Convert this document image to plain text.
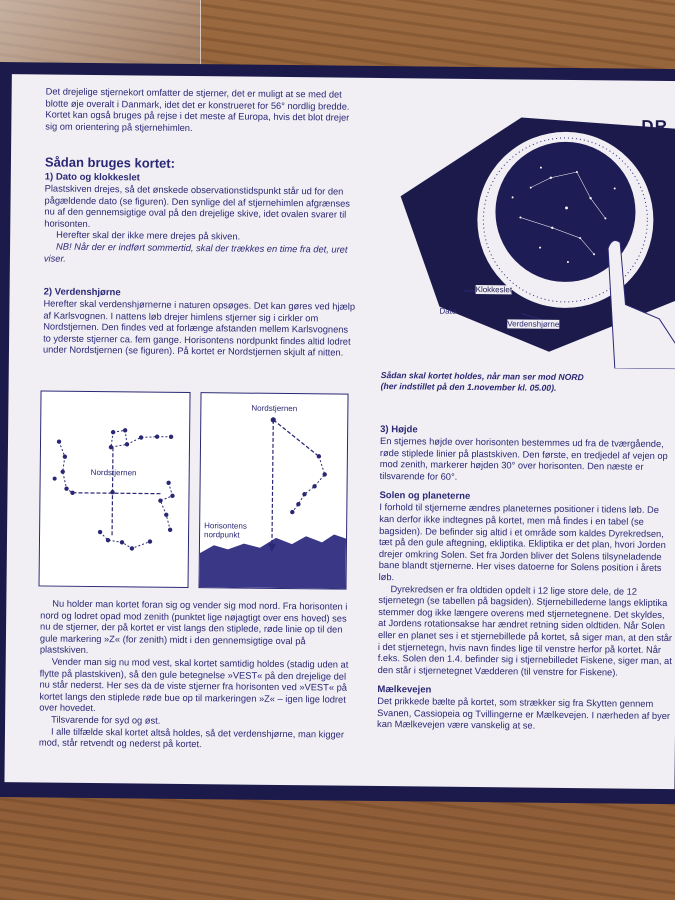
Det drejelige stjernekort omfatter de stjerner, det er muligt at se med det blotte øje overalt i Danmark, idet det er konstrueret for 56° nordlig bredde. Kortet kan også bruges på rejse i det meste af Europa, hvis det blot drejer sig om orientering på stjernehimlen.

Sådan bruges kortet:
1) Dato og klokkeslet

Plastskiven drejes, så det ønskede observationstidspunkt står ud for den pågældende dato (se figuren). Den synlige del af stjernehimlen afgrænses nu af den gennemsigtige oval på den drejelige skive, idet ovalen svarer til horisonten.

Herefter skal der ikke mere drejes på skiven.

NB! Når der er indført sommertid, skal der trækkes en time fra det, uret viser.

2) Verdenshjørne

Herefter skal verdenshjørnerne i naturen opsøges. Det kan gøres ved hjælp af Karlsvognen. I nattens løb drejer himlens stjerner sig i cirkler om Nordstjernen. Den findes ved at forlænge afstanden mellem Karlsvognens to yderste stjerner ca. fem gange. Horisontens nordpunkt findes altid lodret under Nordstjernen (se figuren). På kortet er Nordstjernen skjult af nitten.

Nordstjernen
Nordstjernen
Horisontens
nordpunkt

Nu holder man kortet foran sig og vender sig mod nord. Fra horisonten i nord og lodret opad mod zenith (punktet lige nøjagtigt over ens hoved) ses nu de stjerner, der på kortet er vist langs den stiplede, røde linie op til den gule markering »Z« (for zenith) midt i den gennemsigtige oval på plastskiven.

Vender man sig nu mod vest, skal kortet samtidig holdes (stadig uden at flytte på plastskiven), så den gule betegnelse »VEST« på den drejelige del nu står nederst. Her ses da de viste stjerner fra horisonten ved »VEST« på kortet langs den stiplede røde bue op til markeringen »Z« – igen lige lodret over hovedet.

Tilsvarende for syd og øst.

I alle tilfælde skal kortet altså holdes, så det verdenshjørne, man kigger mod, står retvendt og nederst på kortet.

Klokkeslet
Dato
Verdenshjørne
DR
Sådan skal kortet holdes, når man ser mod NORD (her indstillet på den 1.november kl. 05.00).
3) Højde

En stjernes højde over horisonten bestemmes ud fra de tværgående, røde stiplede linier på plastskiven. Den første, en tredjedel af vejen op mod zenith, markerer højden 30° over horisonten. Den næste er tilsvarende for 60°.

Solen og planeterne

I forhold til stjernerne ændres planeternes positioner i tidens løb. De kan derfor ikke indtegnes på kortet, men må findes i en tabel (se bagsiden). De befinder sig altid i et område som kaldes Dyrekredsen, tæt på den gule aftegning, ekliptika. Ekliptika er det plan, hvori Jorden drejer omkring Solen. Set fra Jorden bliver det Solens tilsyneladende bane blandt stjernerne. Her vises datoerne for Solens position i årets løb.

Dyrekredsen er fra oldtiden opdelt i 12 lige store dele, de 12 stjernetegn (se tabellen på bagsiden). Stjernebillederne langs ekliptika stemmer dog ikke længere overens med stjernetegnene. Det skyldes, at Jordens rotationsakse har ændret retning siden oldtiden. Når Solen eller en planet ses i et stjernebillede på kortet, så siger man, at den står i det stjernetegn, hvis navn findes lige til venstre herfor på kortet. Når f.eks. Solen den 1.4. befinder sig i stjernebilledet Fiskene, siger man, at den står i stjernetegnet Vædderen (til venstre for Fiskene).

Mælkevejen

Det prikkede bælte på kortet, som strækker sig fra Skytten gennem Svanen, Cassiopeia og Tvillingerne er Mælkevejen. I nærheden af byer kan Mælkevejen være vanskelig at se.
